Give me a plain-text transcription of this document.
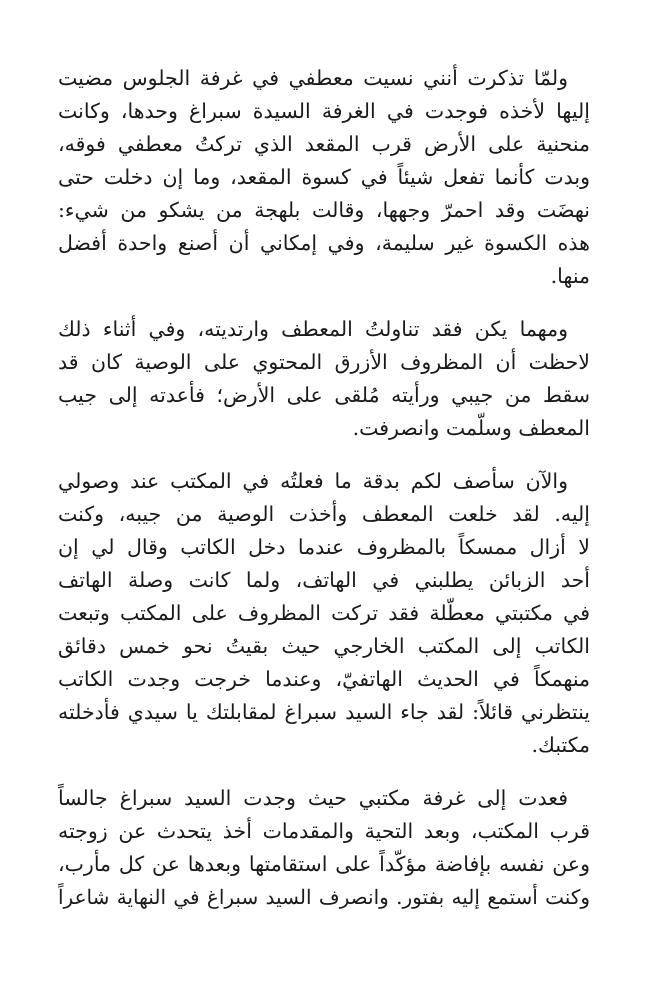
ولمّا تذكرت أنني نسيت معطفي في غرفة الجلوس مضيت
إليها لأخذه فوجدت في الغرفة السيدة سبراغ وحدها، وكانت
منحنية على الأرض قرب المقعد الذي تركتُ معطفي فوقه،
وبدت كأنما تفعل شيئاً في كسوة المقعد، وما إن دخلت حتى
نهضَت وقد احمرّ وجهها، وقالت بلهجة من يشكو من شيء:
هذه الكسوة غير سليمة، وفي إمكاني أن أصنع واحدة أفضل
منها.
ومهما يكن فقد تناولتُ المعطف وارتديته، وفي أثناء ذلك
لاحظت أن المظروف الأزرق المحتوي على الوصية كان قد
سقط من جيبي ورأيته مُلقى على الأرض؛ فأعدته إلى جيب
المعطف وسلّمت وانصرفت.
والآن سأصف لكم بدقة ما فعلتُه في المكتب عند وصولي
إليه. لقد خلعت المعطف وأخذت الوصية من جيبه، وكنت
لا أزال ممسكاً بالمظروف عندما دخل الكاتب وقال لي إن
أحد الزبائن يطلبني في الهاتف، ولما كانت وصلة الهاتف
في مكتبتي معطّلة فقد تركت المظروف على المكتب وتبعت
الكاتب إلى المكتب الخارجي حيث بقيتُ نحو خمس دقائق
منهمكاً في الحديث الهاتفيّ، وعندما خرجت وجدت الكاتب
ينتظرني قائلاً: لقد جاء السيد سبراغ لمقابلتك يا سيدي فأدخلته
مكتبك.
فعدت إلى غرفة مكتبي حيث وجدت السيد سبراغ جالساً
قرب المكتب، وبعد التحية والمقدمات أخذ يتحدث عن زوجته
وعن نفسه بإفاضة مؤكّداً على استقامتها وبعدها عن كل مأرب،
وكنت أستمع إليه بفتور. وانصرف السيد سبراغ في النهاية شاعراً
